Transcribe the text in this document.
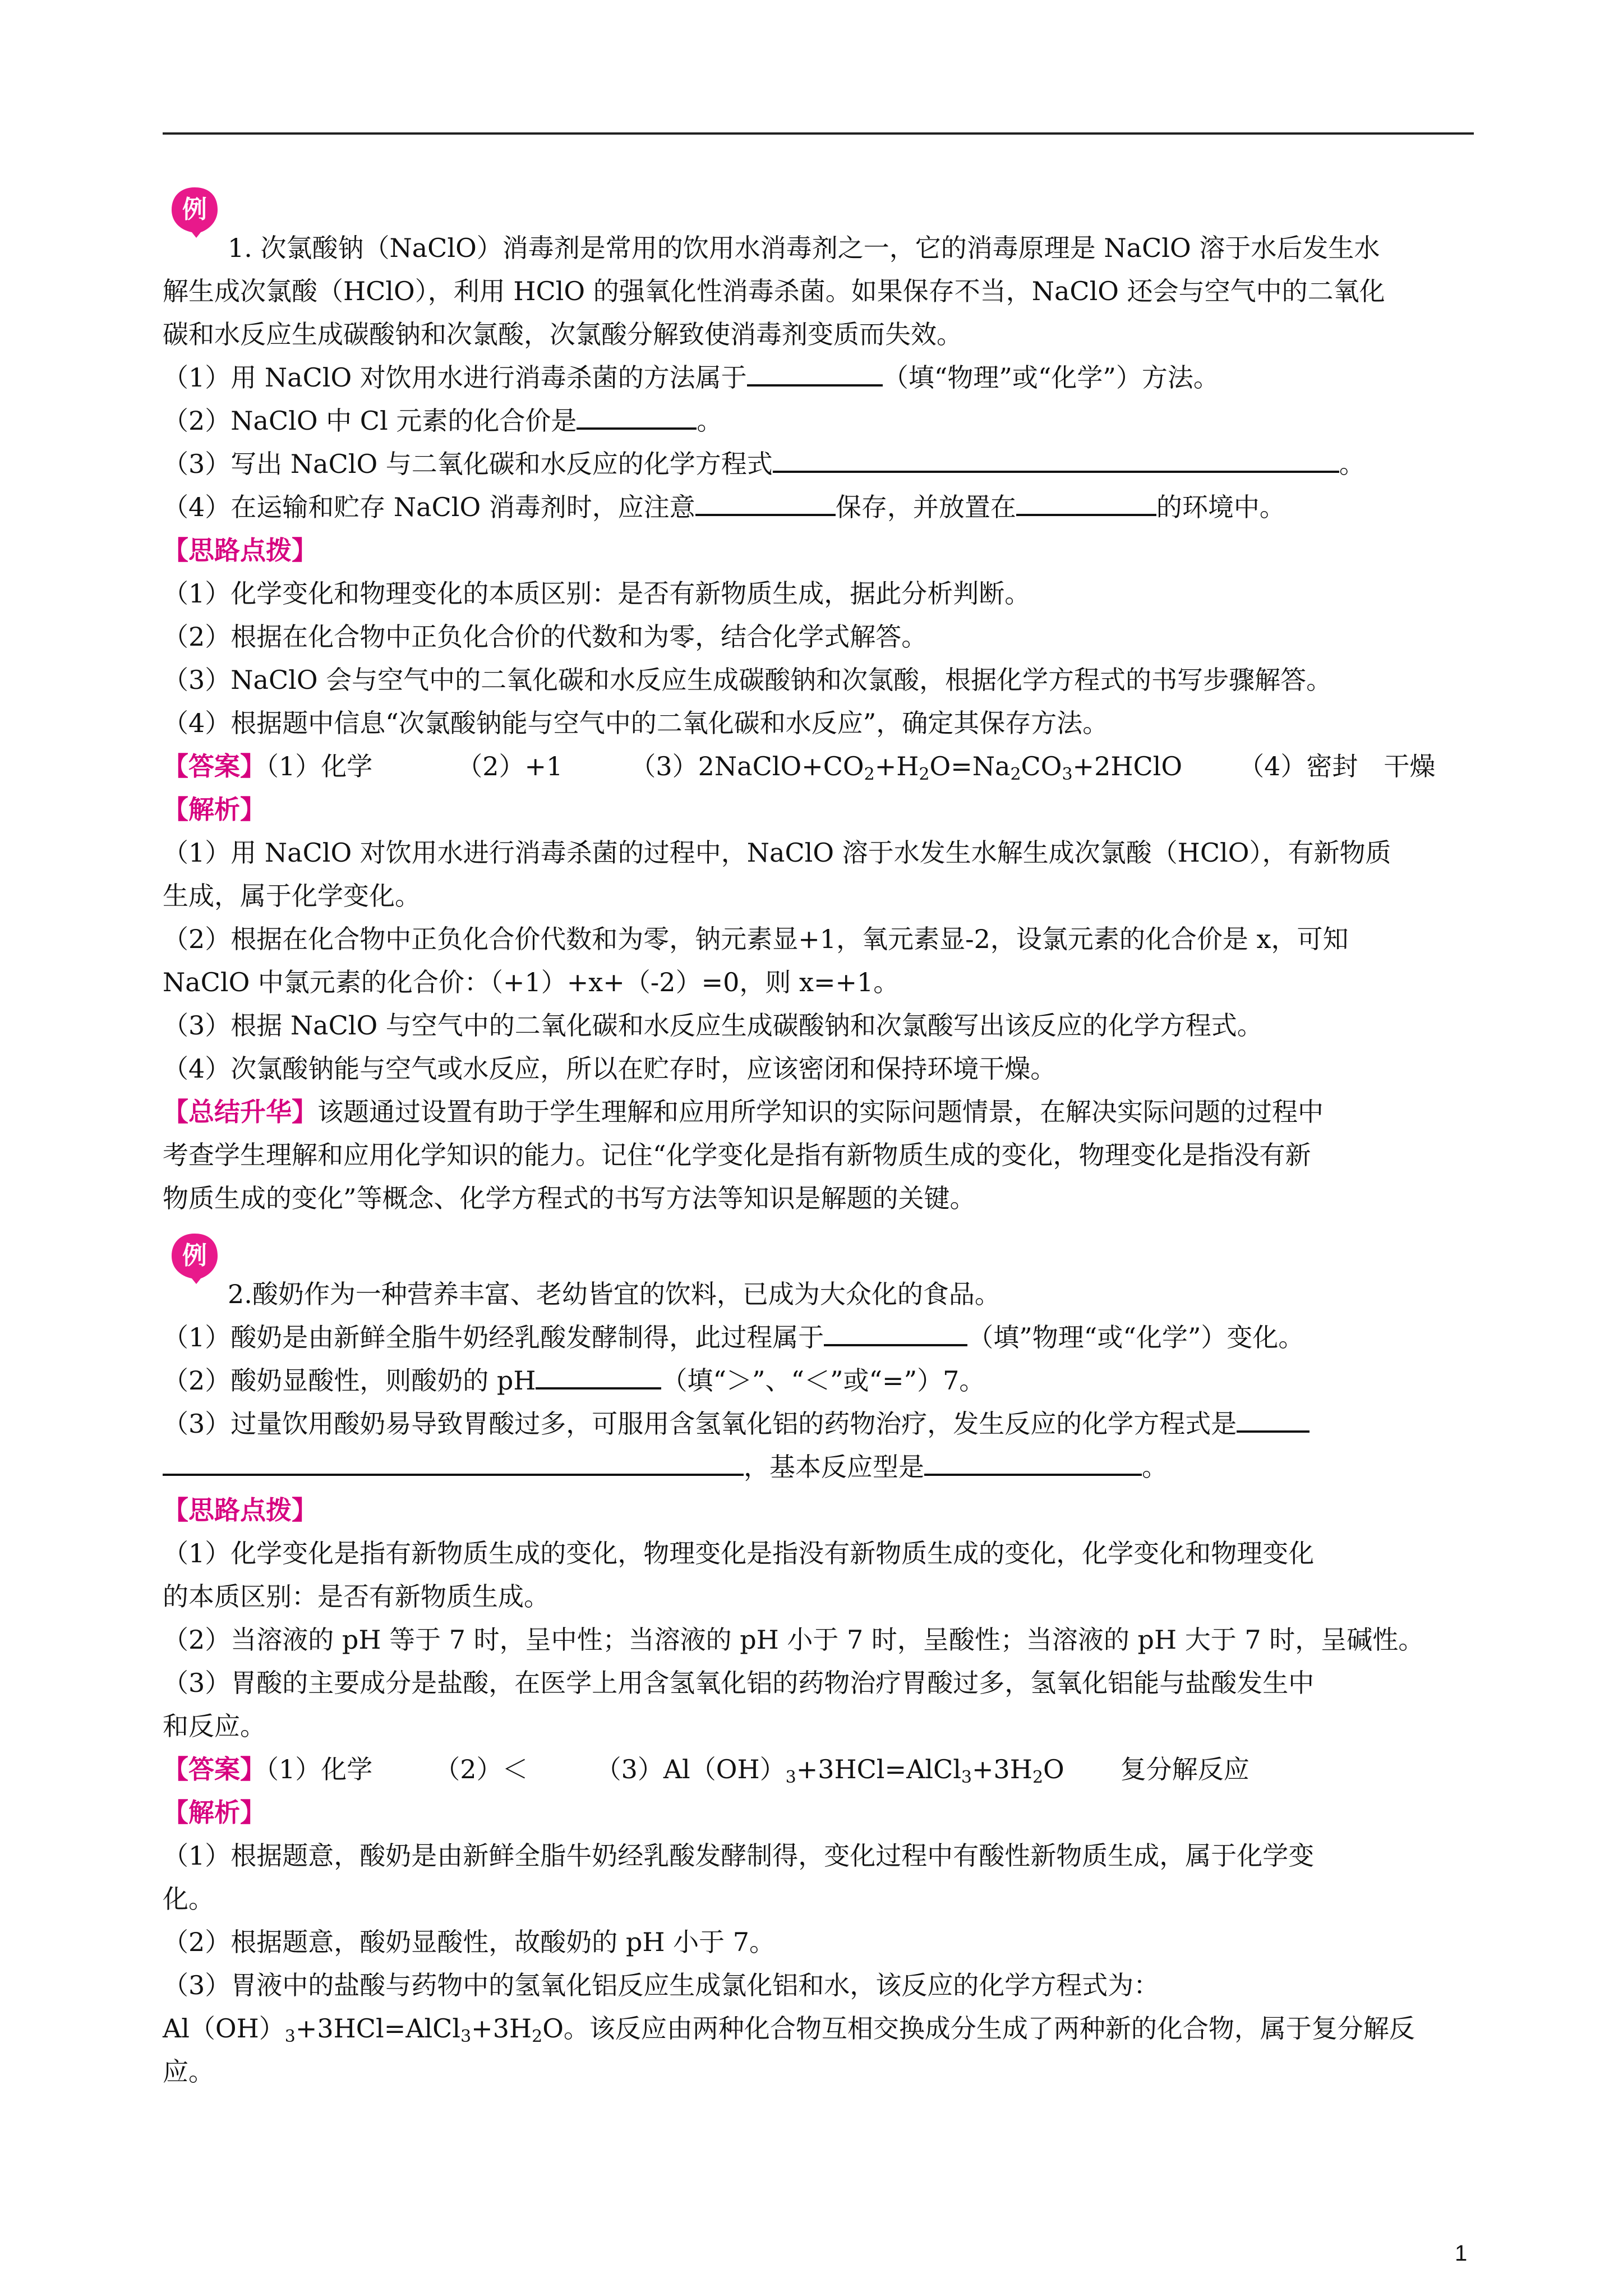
例
1. 次氯酸钠（NaClO）消毒剂是常用的饮用水消毒剂之一，它的消毒原理是 NaClO 溶于水后发生水
解生成次氯酸（HClO），利用 HClO 的强氧化性消毒杀菌。如果保存不当，NaClO 还会与空气中的二氧化
碳和水反应生成碳酸钠和次氯酸，次氯酸分解致使消毒剂变质而失效。
（1）用 NaClO 对饮用水进行消毒杀菌的方法属于	（填“物理”或“化学”）方法。
（2）NaClO 中 Cl 元素的化合价是	。
（3）写出 NaClO 与二氧化碳和水反应的化学方程式	。
（4）在运输和贮存 NaClO 消毒剂时，应注意	保存，并放置在	的环境中。
【思路点拨】
（1）化学变化和物理变化的本质区别：是否有新物质生成，据此分析判断。
（2）根据在化合物中正负化合价的代数和为零，结合化学式解答。
（3）NaClO 会与空气中的二氧化碳和水反应生成碳酸钠和次氯酸，根据化学方程式的书写步骤解答。
（4）根据题中信息“次氯酸钠能与空气中的二氧化碳和水反应”，确定其保存方法。
【答案】（1）化学	（2）+1	$(3)2NaClO+CO_2+H_2O=Na_2CO_3+2HClO$ （4）密封　干燥
【解析】
（1）用 NaClO 对饮用水进行消毒杀菌的过程中，NaClO 溶于水发生水解生成次氯酸（HClO），有新物质
生成，属于化学变化。
（2）根据在化合物中正负化合价代数和为零，钠元素显+1，氧元素显-2，设氯元素的化合价是 x，可知
NaClO 中氯元素的化合价：（+1）+x+（-2）=0，则 x=+1。
（3）根据 NaClO 与空气中的二氧化碳和水反应生成碳酸钠和次氯酸写出该反应的化学方程式。
（4）次氯酸钠能与空气或水反应，所以在贮存时，应该密闭和保持环境干燥。
【总结升华】该题通过设置有助于学生理解和应用所学知识的实际问题情景，在解决实际问题的过程中
考查学生理解和应用化学知识的能力。记住“化学变化是指有新物质生成的变化，物理变化是指没有新
物质生成的变化”等概念、化学方程式的书写方法等知识是解题的关键。
例
2.酸奶作为一种营养丰富、老幼皆宜的饮料，已成为大众化的食品。
（1）酸奶是由新鲜全脂牛奶经乳酸发酵制得，此过程属于	（填”物理“或“化学”）变化。
（2）酸奶显酸性，则酸奶的 pH	（填“＞”、“＜”或“=”）7。
（3）过量饮用酸奶易导致胃酸过多，可服用含氢氧化铝的药物治疗，发生反应的化学方程式是
，基本反应型是	。
【思路点拨】
（1）化学变化是指有新物质生成的变化，物理变化是指没有新物质生成的变化，化学变化和物理变化
的本质区别：是否有新物质生成。
（2）当溶液的 pH 等于 7 时，呈中性；当溶液的 pH 小于 7 时，呈酸性；当溶液的 pH 大于 7 时，呈碱性。
（3）胃酸的主要成分是盐酸，在医学上用含氢氧化铝的药物治疗胃酸过多，氢氧化铝能与盐酸发生中
和反应。
【答案】（1）化学 （2）＜	$(3)Al(OH)_3+3HCl=AlCl_3+3H_2O$ 复分解反应
【解析】
（1）根据题意，酸奶是由新鲜全脂牛奶经乳酸发酵制得，变化过程中有酸性新物质生成，属于化学变
化。
（2）根据题意，酸奶显酸性，故酸奶的 pH 小于 7。
（3）胃液中的盐酸与药物中的氢氧化铝反应生成氯化铝和水，该反应的化学方程式为：
$Al(OH)_3+3HCl=AlCl_3+3H_2O$。该反应由两种化合物互相交换成分生成了两种新的化合物，属于复分解反
应。
1
